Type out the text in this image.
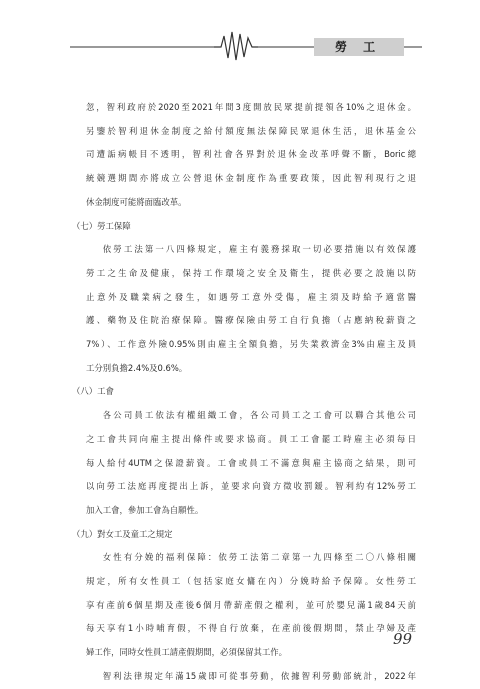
勞 工
忽，智利政府於2020至2021年間3度開放民眾提前提領各10%之退休金。
另鑒於智利退休金制度之給付額度無法保障民眾退休生活，退休基金公
司遭詬病帳目不透明，智利社會各界對於退休金改革呼聲不斷，Boric總
統競選期間亦將成立公營退休金制度作為重要政策，因此智利現行之退
休金制度可能將面臨改革。
（七）勞工保障
依勞工法第一八四條規定，雇主有義務採取一切必要措施以有效保護
勞工之生命及健康，保持工作環境之安全及衛生，提供必要之設施以防
止意外及職業病之發生，如遇勞工意外受傷，雇主須及時給予適當醫
護、藥物及住院治療保障。醫療保險由勞工自行負擔（占應納稅薪資之
7%）、工作意外險0.95%則由雇主全額負擔，另失業救濟金3%由雇主及員
工分別負擔2.4%及0.6%。
（八）工會
各公司員工依法有權組織工會，各公司員工之工會可以聯合其他公司
之工會共同向雇主提出條件或要求協商。員工工會罷工時雇主必須每日
每人給付4UTM之保證薪資。工會或員工不滿意與雇主協商之結果，則可
以向勞工法庭再度提出上訴，並要求向資方徵收罰鍰。智利約有12%勞工
加入工會，參加工會為自願性。
（九）對女工及童工之規定
女性有分娩的福利保障：依勞工法第二章第一九四條至二〇八條相關
規定，所有女性員工（包括家庭女傭在內）分娩時給予保障。女性勞工
享有產前6個星期及產後6個月帶薪產假之權利，並可於嬰兒滿1歲84天前
每天享有1小時哺育假，不得自行放棄，在產前後假期間，禁止孕婦及產
婦工作，同時女性員工請產假期間，必須保留其工作。
智利法律規定年滿15歲即可從事勞動，依據智利勞動部統計，2022年
99
